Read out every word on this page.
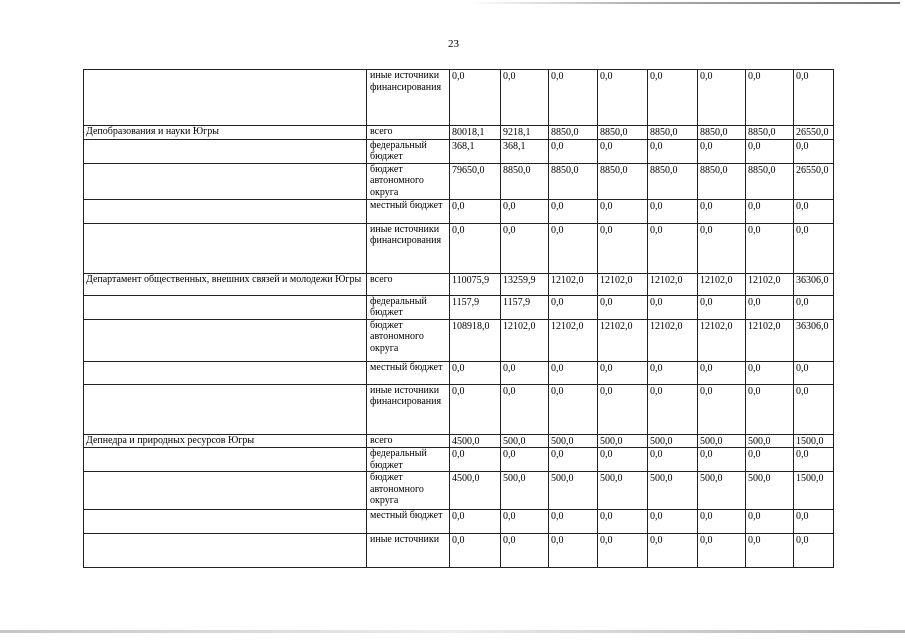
23
	иные источники финансирования	0,0	0,0	0,0	0,0	0,0	0,0	0,0	0,0
Депобразования и науки Югры	всего	80018,1	9218,1	8850,0	8850,0	8850,0	8850,0	8850,0	26550,0
	федеральный бюджет	368,1	368,1	0,0	0,0	0,0	0,0	0,0	0,0
	бюджет автономного округа	79650,0	8850,0	8850,0	8850,0	8850,0	8850,0	8850,0	26550,0
	местный бюджет	0,0	0,0	0,0	0,0	0,0	0,0	0,0	0,0
	иные источники финансирования	0,0	0,0	0,0	0,0	0,0	0,0	0,0	0,0
Департамент общественных, внешних связей и молодежи Югры	всего	110075,9	13259,9	12102,0	12102,0	12102,0	12102,0	12102,0	36306,0
	федеральный бюджет	1157,9	1157,9	0,0	0,0	0,0	0,0	0,0	0,0
	бюджет автономного округа	108918,0	12102,0	12102,0	12102,0	12102,0	12102,0	12102,0	36306,0
	местный бюджет	0,0	0,0	0,0	0,0	0,0	0,0	0,0	0,0
	иные источники финансирования	0,0	0,0	0,0	0,0	0,0	0,0	0,0	0,0
Депнедра и природных ресурсов Югры	всего	4500,0	500,0	500,0	500,0	500,0	500,0	500,0	1500,0
	федеральный бюджет	0,0	0,0	0,0	0,0	0,0	0,0	0,0	0,0
	бюджет автономного округа	4500,0	500,0	500,0	500,0	500,0	500,0	500,0	1500,0
	местный бюджет	0,0	0,0	0,0	0,0	0,0	0,0	0,0	0,0
	иные источники	0,0	0,0	0,0	0,0	0,0	0,0	0,0	0,0
